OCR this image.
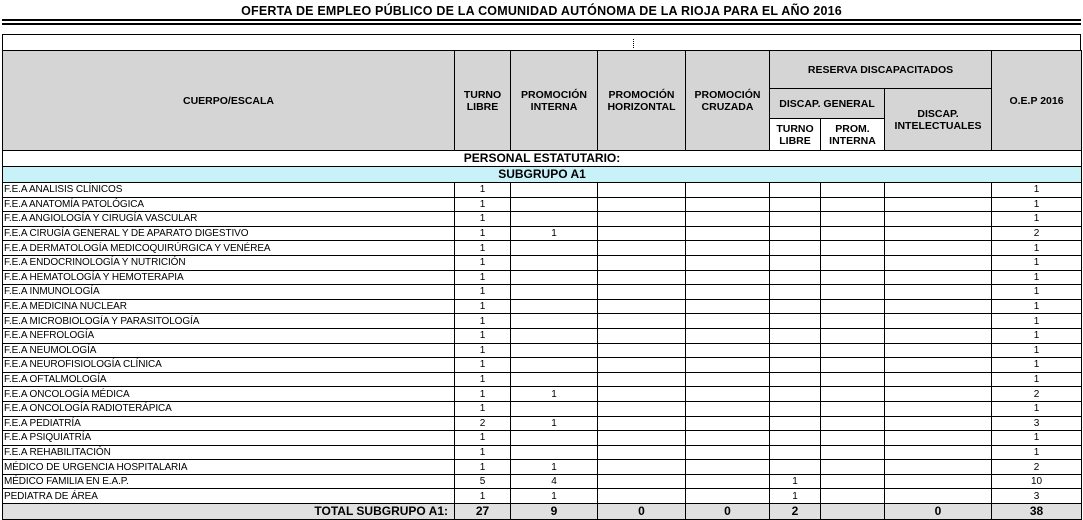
OFERTA DE EMPLEO PÚBLICO DE LA COMUNIDAD AUTÓNOMA DE LA RIOJA PARA EL AÑO 2016
CUERPO/ESCALA	TURNO LIBRE	PROMOCIÓN INTERNA	PROMOCIÓN HORIZONTAL	PROMOCIÓN CRUZADA	RESERVA DISCAPACITADOS			O.E.P 2016
					DISCAP. GENERAL		DISCAP. INTELECTUALES	
					TURNO LIBRE	PROM. INTERNA		
PERSONAL ESTATUTARIO:								
SUBGRUPO A1								
F.E.A ANALISIS CLÍNICOS	1							1
F.E.A ANATOMÍA PATOLÓGICA	1							1
F.E.A ANGIOLOGÍA Y CIRUGÍA VASCULAR	1							1
F.E.A CIRUGÍA GENERAL Y DE APARATO DIGESTIVO	1	1						2
F.E.A DERMATOLOGÍA MEDICOQUIRÚRGICA Y VENÉREA	1							1
F.E.A ENDOCRINOLOGÍA Y NUTRICIÓN	1							1
F.E.A HEMATOLOGÍA Y HEMOTERAPIA	1							1
F.E.A INMUNOLOGÍA	1							1
F.E.A MEDICINA NUCLEAR	1							1
F.E.A MICROBIOLOGÍA Y PARASITOLOGÍA	1							1
F.E.A NEFROLOGÍA	1							1
F.E.A NEUMOLOGÍA	1							1
F.E.A NEUROFISIOLOGÍA CLÍNICA	1							1
F.E.A OFTALMOLOGÍA	1							1
F.E.A ONCOLOGÍA MÉDICA	1	1						2
F.E.A ONCOLOGÍA RADIOTERÁPICA	1							1
F.E.A PEDIATRÍA	2	1						3
F.E.A PSIQUIATRÍA	1							1
F.E.A REHABILITACIÓN	1							1
MÉDICO DE URGENCIA HOSPITALARIA	1	1						2
MÉDICO FAMILIA EN E.A.P.	5	4			1			10
PEDIATRA DE ÁREA	1	1			1			3
TOTAL SUBGRUPO A1:	27	9	0	0	2		0	38
